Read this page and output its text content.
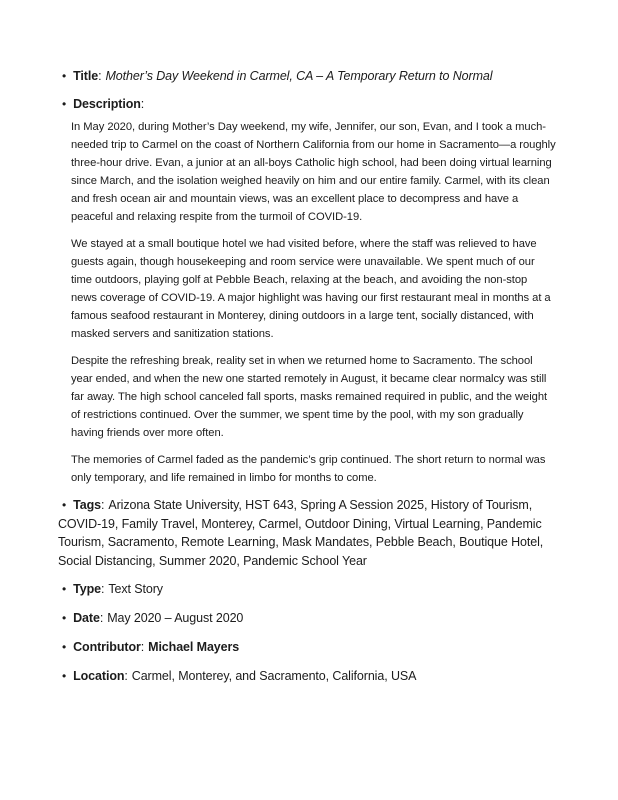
• Title: Mother’s Day Weekend in Carmel, CA – A Temporary Return to Normal
• Description:

In May 2020, during Mother’s Day weekend, my wife, Jennifer, our son, Evan, and I took a much-needed trip to Carmel on the coast of Northern California from our home in Sacramento—a roughly three-hour drive. Evan, a junior at an all-boys Catholic high school, had been doing virtual learning since March, and the isolation weighed heavily on him and our entire family. Carmel, with its clean and fresh ocean air and mountain views, was an excellent place to decompress and have a peaceful and relaxing respite from the turmoil of COVID-19.

We stayed at a small boutique hotel we had visited before, where the staff was relieved to have guests again, though housekeeping and room service were unavailable. We spent much of our time outdoors, playing golf at Pebble Beach, relaxing at the beach, and avoiding the non-stop news coverage of COVID-19. A major highlight was having our first restaurant meal in months at a famous seafood restaurant in Monterey, dining outdoors in a large tent, socially distanced, with masked servers and sanitization stations.

Despite the refreshing break, reality set in when we returned home to Sacramento. The school year ended, and when the new one started remotely in August, it became clear normalcy was still far away. The high school canceled fall sports, masks remained required in public, and the weight of restrictions continued. Over the summer, we spent time by the pool, with my son gradually having friends over more often.

The memories of Carmel faded as the pandemic’s grip continued. The short return to normal was only temporary, and life remained in limbo for months to come.

• Tags: Arizona State University, HST 643, Spring A Session 2025, History of Tourism, COVID-19, Family Travel, Monterey, Carmel, Outdoor Dining, Virtual Learning, Pandemic Tourism, Sacramento, Remote Learning, Mask Mandates, Pebble Beach, Boutique Hotel, Social Distancing, Summer 2020, Pandemic School Year
• Type: Text Story
• Date: May 2020 – August 2020
• Contributor: Michael Mayers
• Location: Carmel, Monterey, and Sacramento, California, USA
